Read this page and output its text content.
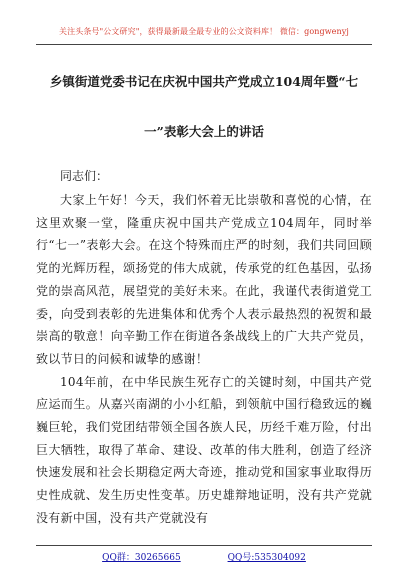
关注头条号"公文研究"，获得最新最全最专业的公文资料库！ 微信：gongwenyj
乡镇街道党委书记在庆祝中国共产党成立104周年暨“七
一”表彰大会上的讲话
同志们：

大家上午好！今天，我们怀着无比崇敬和喜悦的心情，在这里欢聚一堂，隆重庆祝中国共产党成立104周年，同时举行“七一”表彰大会。在这个特殊而庄严的时刻，我们共同回顾党的光辉历程，颂扬党的伟大成就，传承党的红色基因，弘扬党的崇高风范，展望党的美好未来。在此，我谨代表街道党工委，向受到表彰的先进集体和优秀个人表示最热烈的祝贺和最崇高的敬意！向辛勤工作在街道各条战线上的广大共产党员，致以节日的问候和诚挚的感谢！

104年前，在中华民族生死存亡的关键时刻，中国共产党应运而生。从嘉兴南湖的小小红船，到领航中国行稳致远的巍巍巨轮，我们党团结带领全国各族人民，历经千难万险，付出巨大牺牲，取得了革命、建设、改革的伟大胜利，创造了经济快速发展和社会长期稳定两大奇迹，推动党和国家事业取得历史性成就、发生历史性变革。历史雄辩地证明，没有共产党就没有新中国，没有共产党就没有

QQ群：30265665	QQ号:535304092
